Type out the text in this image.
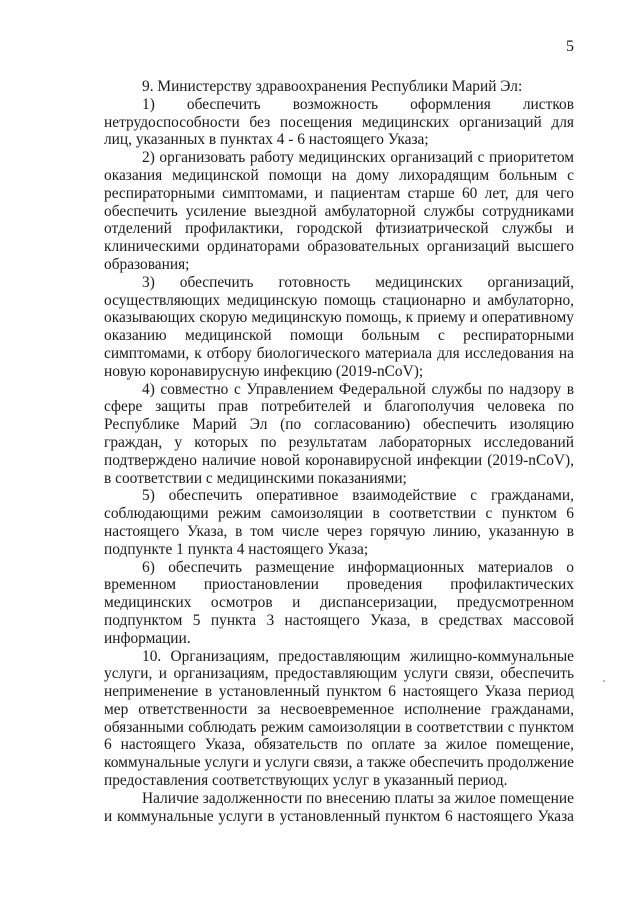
5

9. Министерству здравоохранения Республики Марий Эл:

1) обеспечить возможность оформления листков нетрудоспособности без посещения медицинских организаций для лиц, указанных в пунктах 4 - 6 настоящего Указа;

2) организовать работу медицинских организаций с приоритетом оказания медицинской помощи на дому лихорадящим больным с респираторными симптомами, и пациентам старше 60 лет, для чего обеспечить усиление выездной амбулаторной службы сотрудниками отделений профилактики, городской фтизиатрической службы и клиническими ординаторами образовательных организаций высшего образования;

3) обеспечить готовность медицинских организаций, осуществляющих медицинскую помощь стационарно и амбулаторно, оказывающих скорую медицинскую помощь, к приему и оперативному оказанию медицинской помощи больным с респираторными симптомами, к отбору биологического материала для исследования на новую коронавирусную инфекцию (2019-nCoV);

4) совместно с Управлением Федеральной службы по надзору в сфере защиты прав потребителей и благополучия человека по Республике Марий Эл (по согласованию) обеспечить изоляцию граждан, у которых по результатам лабораторных исследований подтверждено наличие новой коронавирусной инфекции (2019-nCoV), в соответствии с медицинскими показаниями;

5) обеспечить оперативное взаимодействие с гражданами, соблюдающими режим самоизоляции в соответствии с пунктом 6 настоящего Указа, в том числе через горячую линию, указанную в подпункте 1 пункта 4 настоящего Указа;

6) обеспечить размещение информационных материалов о временном приостановлении проведения профилактических медицинских осмотров и диспансеризации, предусмотренном подпунктом 5 пункта 3 настоящего Указа, в средствах массовой информации.

10. Организациям, предоставляющим жилищно-коммунальные услуги, и организациям, предоставляющим услуги связи, обеспечить неприменение в установленный пунктом 6 настоящего Указа период мер ответственности за несвоевременное исполнение гражданами, обязанными соблюдать режим самоизоляции в соответствии с пунктом 6 настоящего Указа, обязательств по оплате за жилое помещение, коммунальные услуги и услуги связи, а также обеспечить продолжение предоставления соответствующих услуг в указанный период.

Наличие задолженности по внесению платы за жилое помещение и коммунальные услуги в установленный пунктом 6 настоящего Указа
